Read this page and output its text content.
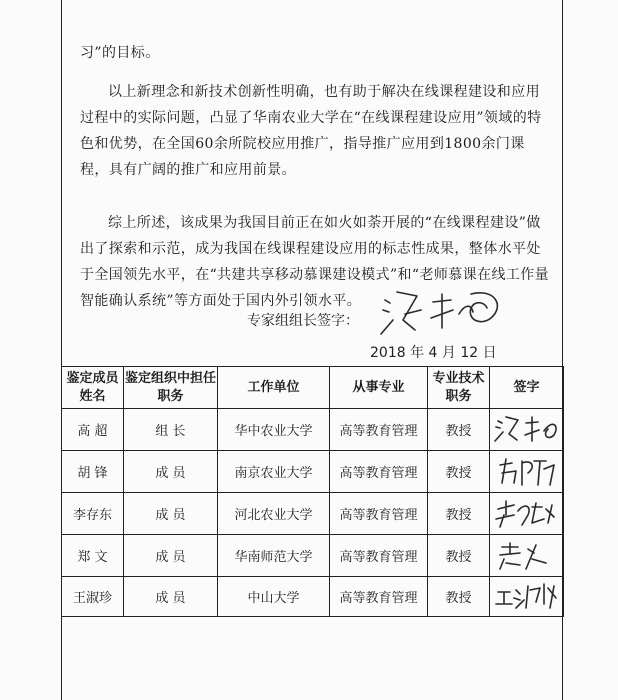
习”的目标。
以上新理念和新技术创新性明确，也有助于解决在线课程建设和应用过程中的实际问题，凸显了华南农业大学在“在线课程建设应用”领域的特色和优势，在全国60余所院校应用推广，指导推广应用到1800余门课程，具有广阔的推广和应用前景。
综上所述，该成果为我国目前正在如火如荼开展的“在线课程建设”做出了探索和示范，成为我国在线课程建设应用的标志性成果，整体水平处于全国领先水平，在“共建共享移动慕课建设模式”和“老师慕课在线工作量智能确认系统”等方面处于国内外引领水平。
专家组组长签字：
2018 年 4 月 12 日
鉴定成员姓名	鉴定组织中担任职务	工作单位	从事专业	专业技术职务	签字
高 超	组 长	华中农业大学	高等教育管理	教授	

胡 锋	成 员	南京农业大学	高等教育管理	教授	

李存东	成 员	河北农业大学	高等教育管理	教授	

郑 文	成 员	华南师范大学	高等教育管理	教授	

王淑珍	成 员	中山大学	高等教育管理	教授	
